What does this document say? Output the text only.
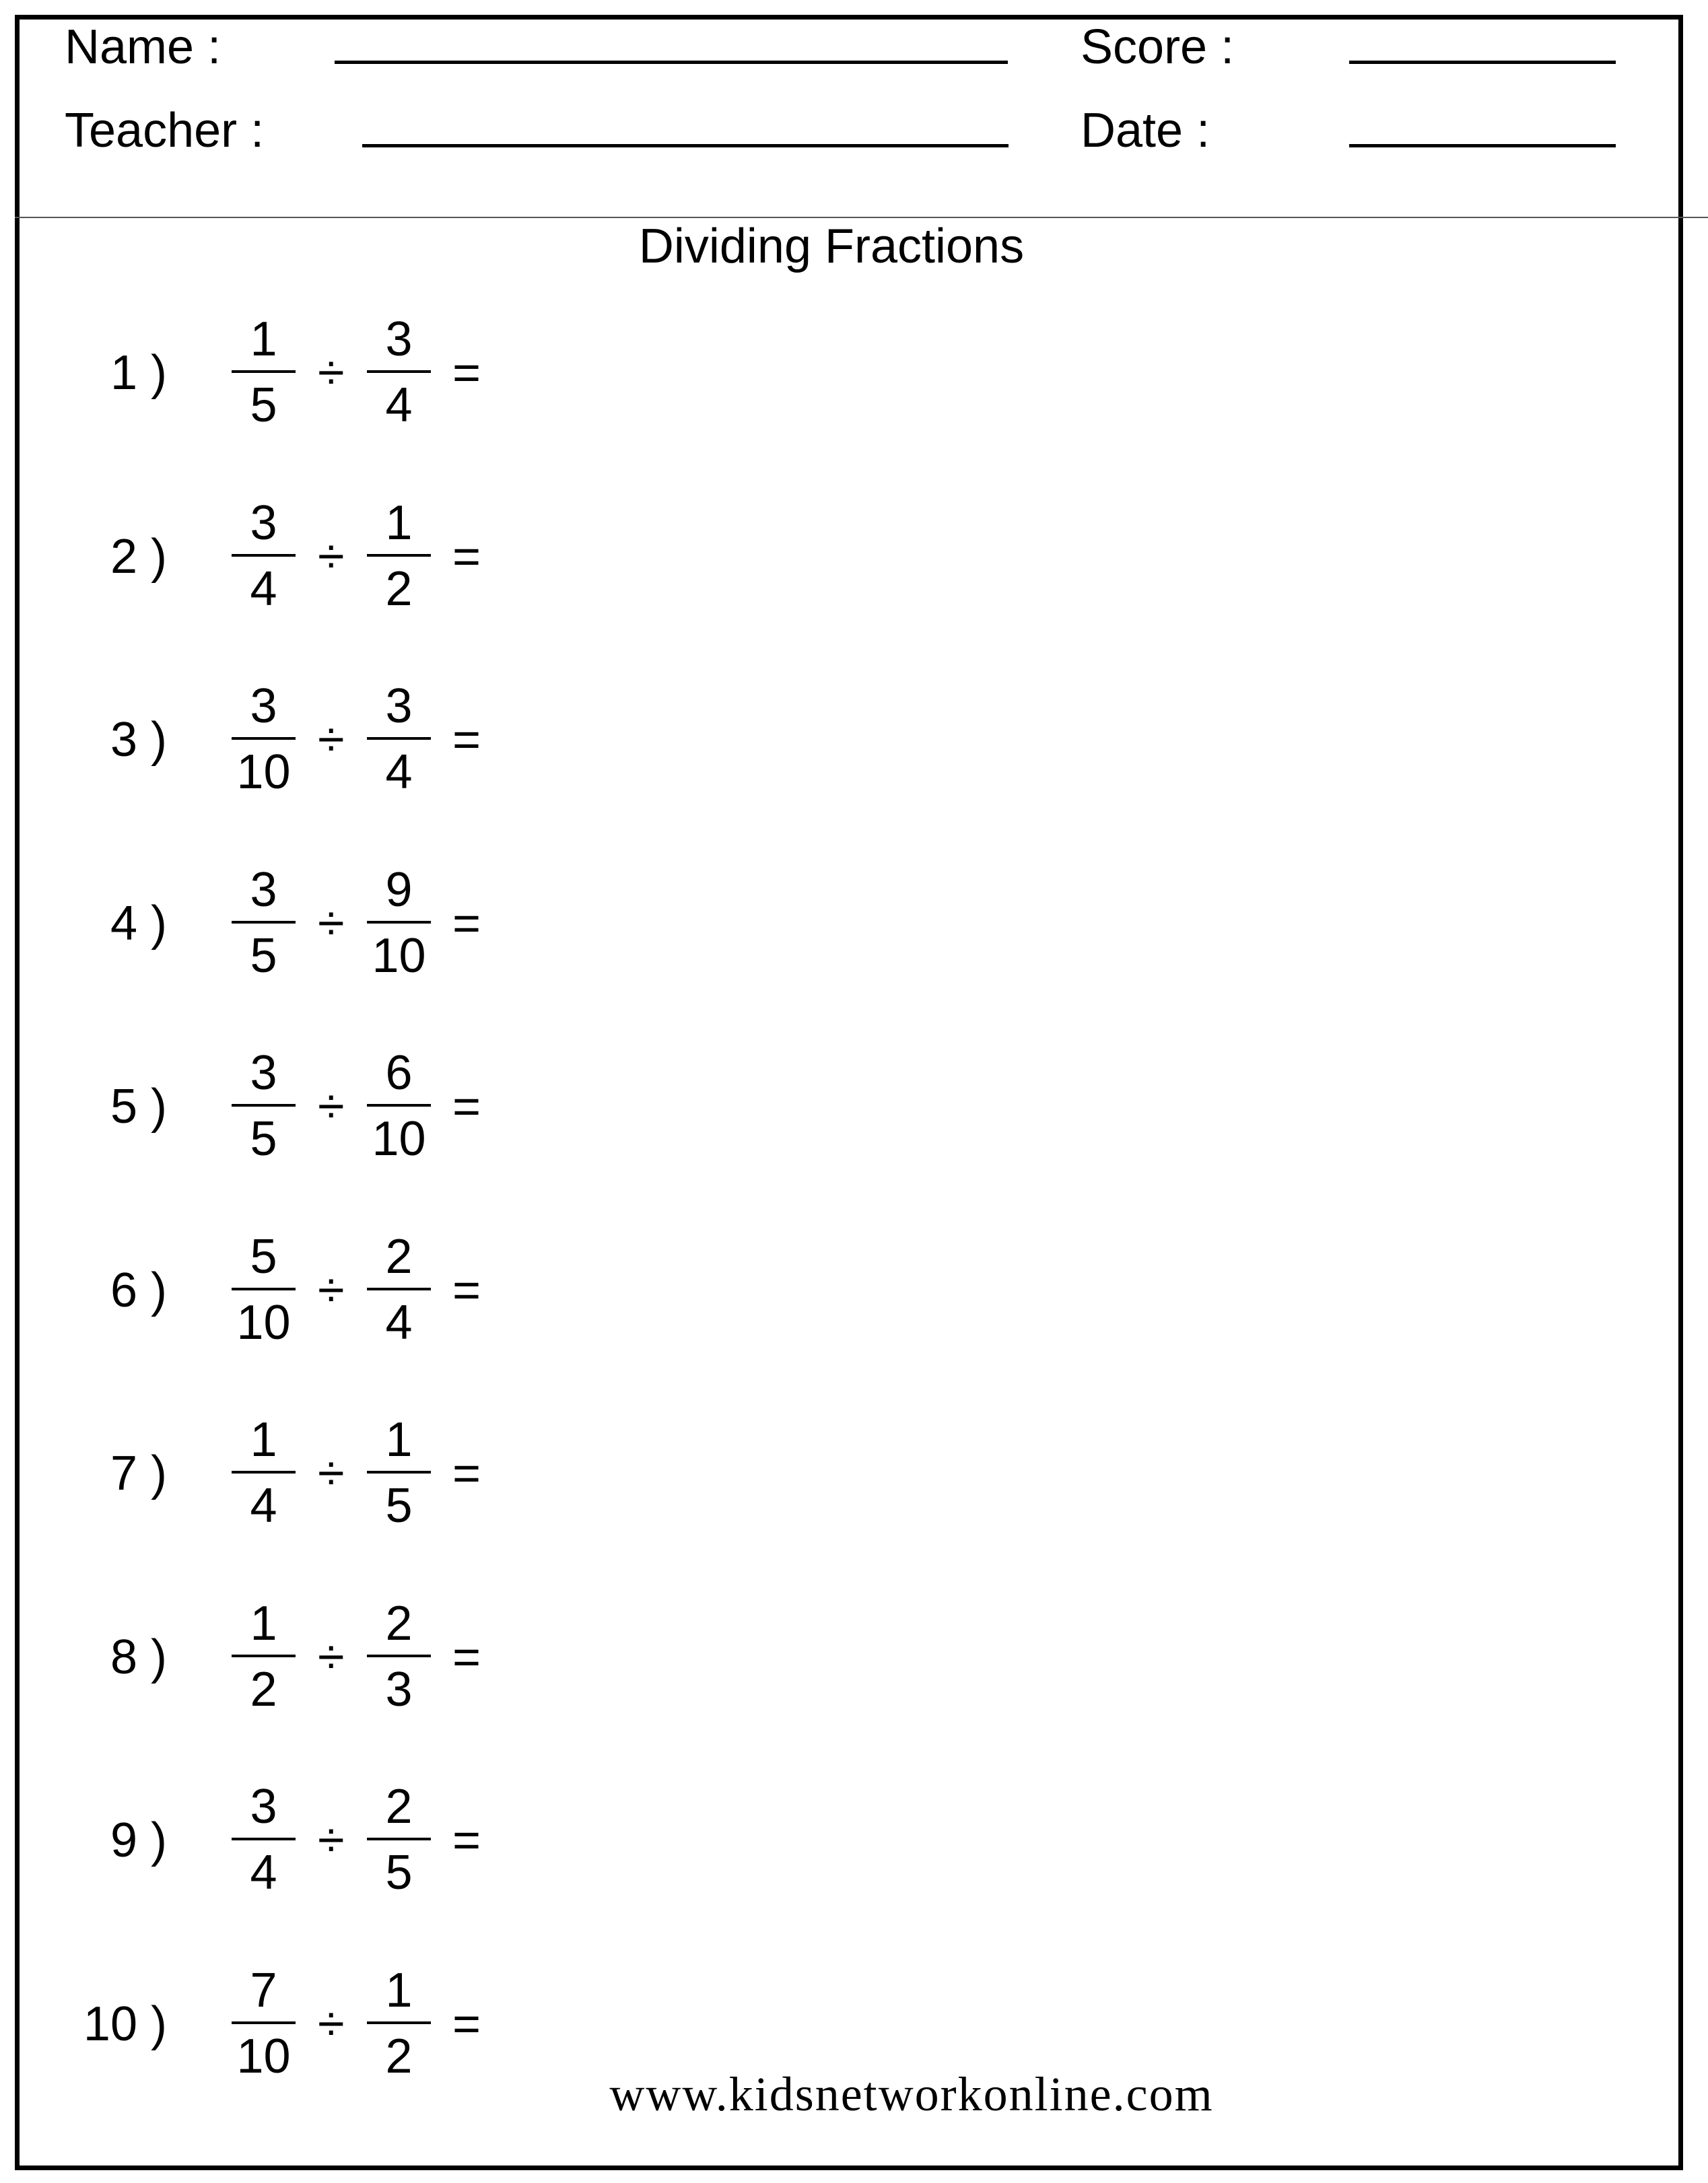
Name :
Teacher :
Score :
Date :
Dividing Fractions
1 )
1
5
÷
3
4
=
2 )
3
4
÷
1
2
=
3 )
3
10
÷
3
4
=
4 )
3
5
÷
9
10
=
5 )
3
5
÷
6
10
=
6 )
5
10
÷
2
4
=
7 )
1
4
÷
1
5
=
8 )
1
2
÷
2
3
=
9 )
3
4
÷
2
5
=
10 )
7
10
÷
1
2
=
www.kidsnetworkonline.com
